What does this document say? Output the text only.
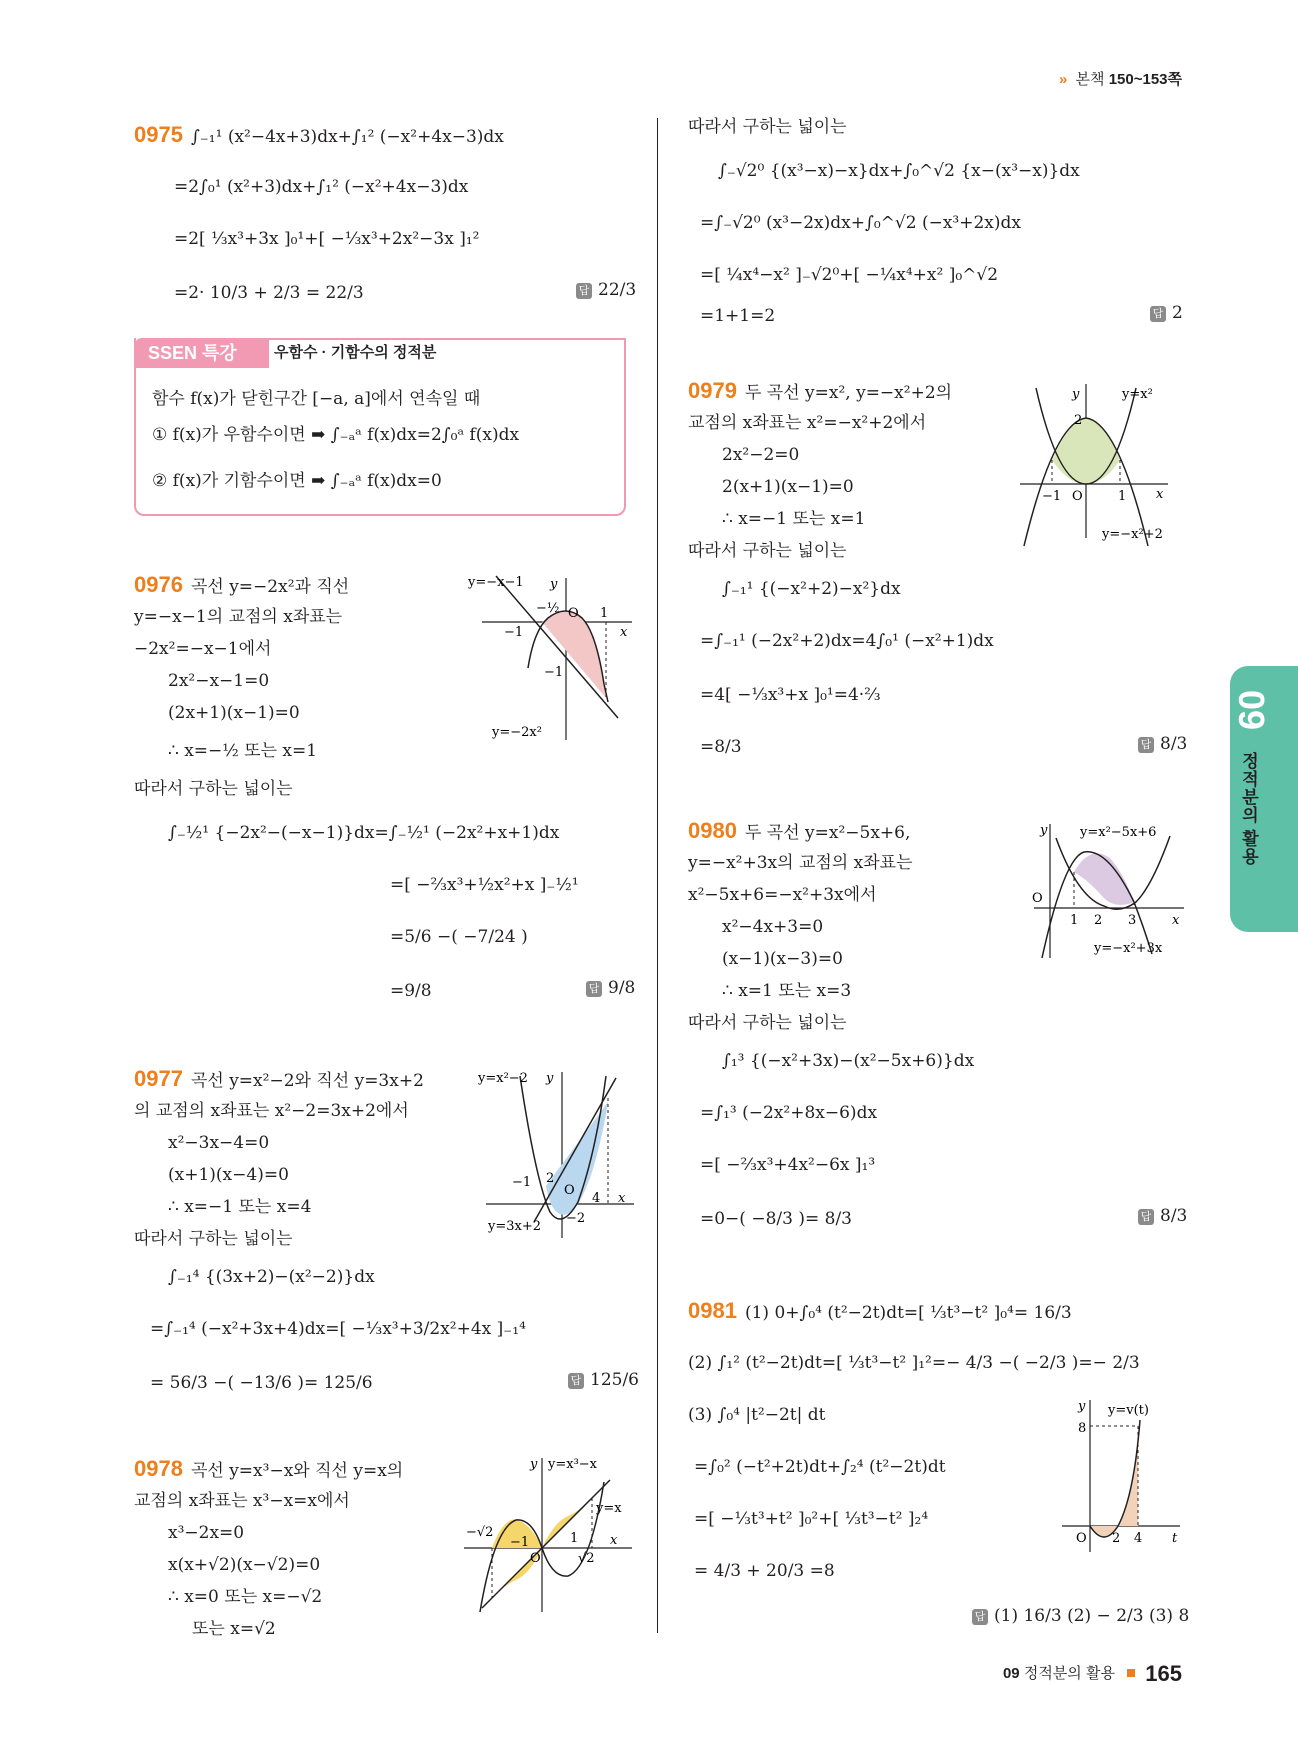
» 본책 150~153쪽
0975 ∫₋₁¹ (x²−4x+3)dx+∫₁² (−x²+4x−3)dx
=2∫₀¹ (x²+3)dx+∫₁² (−x²+4x−3)dx
=2[ ⅓x³+3x ]₀¹+[ −⅓x³+2x²−3x ]₁²
=2· 10/3 + 2/3 = 22/3	답 22/3
SSEN 특강	우함수 · 기함수의 정적분
함수 f(x)가 닫힌구간 [−a, a]에서 연속일 때
① f(x)가 우함수이면 ➡ ∫₋ₐᵃ f(x)dx=2∫₀ᵃ f(x)dx
② f(x)가 기함수이면 ➡ ∫₋ₐᵃ f(x)dx=0
0976 곡선 y=−2x²과 직선
y=−x−1의 교점의 x좌표는
−2x²=−x−1에서
2x²−x−1=0
(2x+1)(x−1)=0
∴ x=−½ 또는 x=1
따라서 구하는 넓이는
∫₋½¹ {−2x²−(−x−1)}dx=∫₋½¹ (−2x²+x+1)dx
=[ −⅔x³+½x²+x ]₋½¹
=5/6 −( −7/24 )
=9/8	답 9/8
y=−x−1 y
−½ O 1
−1
−1
x
y=−2x²
0977 곡선 y=x²−2와 직선 y=3x+2
의 교점의 x좌표는 x²−2=3x+2에서
x²−3x−4=0
(x+1)(x−4)=0
∴ x=−1 또는 x=4
따라서 구하는 넓이는
∫₋₁⁴ {(3x+2)−(x²−2)}dx
=∫₋₁⁴ (−x²+3x+4)dx=[ −⅓x³+3/2x²+4x ]₋₁⁴
= 56/3 −( −13/6 )= 125/6	답 125/6
y=x²−2 y
−1 2
O
4
−2
x
y=3x+2
0978 곡선 y=x³−x와 직선 y=x의
교점의 x좌표는 x³−x=x에서
x³−2x=0
x(x+√2)(x−√2)=0
∴ x=0 또는 x=−√2
또는 x=√2
y=x³−x
y
y=x
−√2
−1
O
1
√2
x
따라서 구하는 넓이는
∫₋√2⁰ {(x³−x)−x}dx+∫₀^√2 {x−(x³−x)}dx
=∫₋√2⁰ (x³−2x)dx+∫₀^√2 (−x³+2x)dx
=[ ¼x⁴−x² ]₋√2⁰+[ −¼x⁴+x² ]₀^√2
=1+1=2	답 2
0979 두 곡선 y=x², y=−x²+2의
교점의 x좌표는 x²=−x²+2에서
2x²−2=0
2(x+1)(x−1)=0
∴ x=−1 또는 x=1
따라서 구하는 넓이는
∫₋₁¹ {(−x²+2)−x²}dx
=∫₋₁¹ (−2x²+2)dx=4∫₀¹ (−x²+1)dx
=4[ −⅓x³+x ]₀¹=4·⅔
=8/3	답 8/3
y=x²
y
2
−1 O	1 x
y=−x²+2
0980 두 곡선 y=x²−5x+6,
y=−x²+3x의 교점의 x좌표는
x²−5x+6=−x²+3x에서
x²−4x+3=0
(x−1)(x−3)=0
∴ x=1 또는 x=3
따라서 구하는 넓이는
∫₁³ {(−x²+3x)−(x²−5x+6)}dx
=∫₁³ (−2x²+8x−6)dx
=[ −⅔x³+4x²−6x ]₁³
=0−( −8/3 )= 8/3	답 8/3
y=x²−5x+6
y
O
1 2 3	x
y=−x²+3x
0981 (1) 0+∫₀⁴ (t²−2t)dt=[ ⅓t³−t² ]₀⁴= 16/3
(2) ∫₁² (t²−2t)dt=[ ⅓t³−t² ]₁²=− 4/3 −( −2/3 )=− 2/3
(3) ∫₀⁴ |t²−2t| dt
=∫₀² (−t²+2t)dt+∫₂⁴ (t²−2t)dt
=[ −⅓t³+t² ]₀²+[ ⅓t³−t² ]₂⁴
= 4/3 + 20/3 =8
답 (1) 16/3 (2) − 2/3 (3) 8
y=v(t)
y
8
O 2 4 t
09
정적분의 활용
09 정적분의 활용 165
